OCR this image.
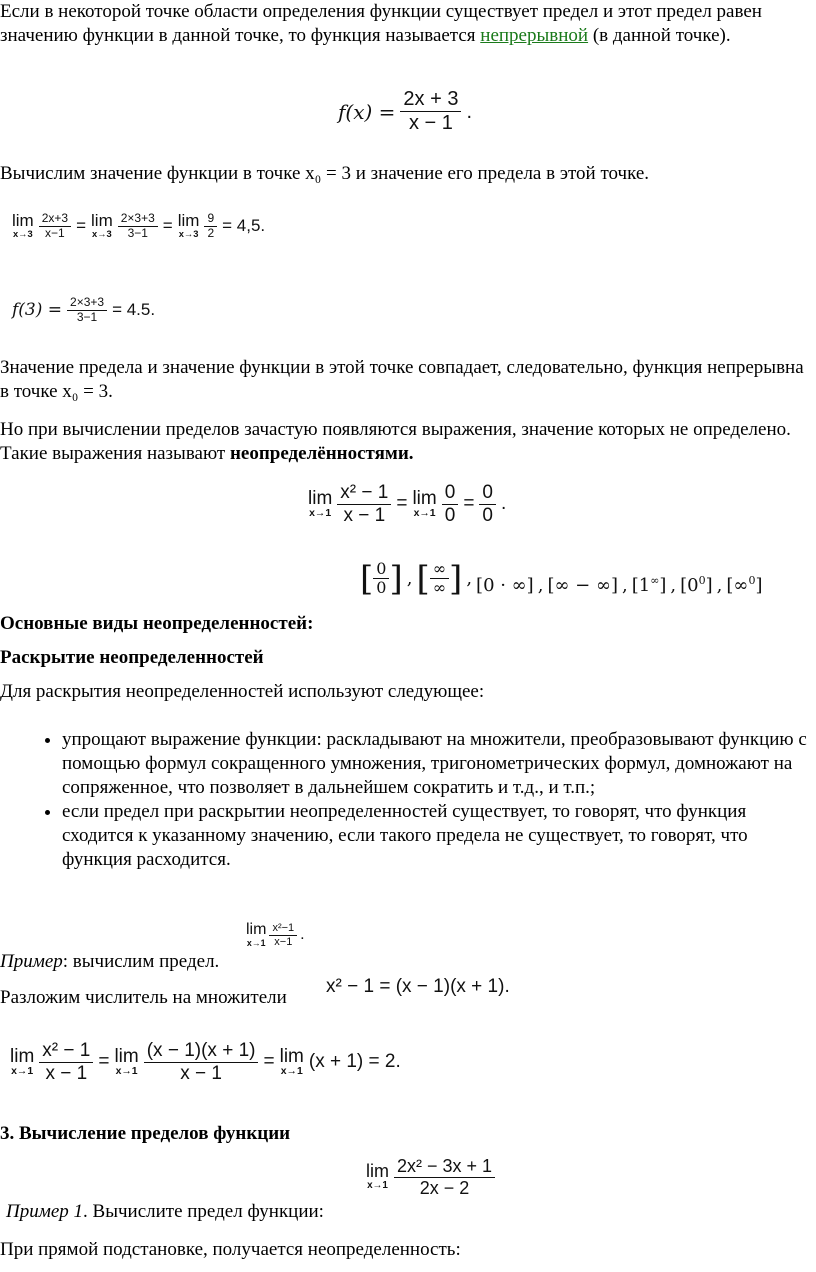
Если в некоторой точке области определения функции существует предел и этот предел равен значению функции в данной точке, то функция называется непрерывной (в данной точке).

$f(x) = \frac{2x + 3}{x - 1}$ .

Вычислим значение функции в точке x₀ = 3 и значение его предела в этой точке.

lim
$x\to 3 \frac{2x+3}{x-1} = \lim$
$x\to 3 \frac{2\times 3+3}{3-1} = \lim$
$x\to 3 \frac{9}{2} = 4,5$.
$f(3) = \frac{2\times 3+3}{3-1} = 4.5$.

Значение предела и значение функции в этой точке совпадает, следовательно, функция непрерывна в точке x₀ = 3.

Но при вычислении пределов зачастую появляются выражения, значение которых не определено. Такие выражения называют неопределённостями.

lim
$x\to 1 \frac{\text{x² − 1}}{x - 1} = \lim$
$x\to 1 \frac{0}{0} = \frac{0}{0}$ .

Основные виды неопределенностей:

[ $\frac{0}{0}$ ] , [ $\frac{\infty}{\infty}$ ] , [0 · ∞] , [∞ − ∞] , [1∞] , $[0^0]$ , [∞$^0$]

Раскрытие неопределенностей

Для раскрытия неопределенностей используют следующее:

• упрощают выражение функции: раскладывают на множители, преобразовывают функцию с помощью формул сокращенного умножения, тригонометрических формул, домножают на сопряженное, что позволяет в дальнейшем сократить и т.д., и т.п.;
• если предел при раскрытии неопределенностей существует, то говорят, что функция сходится к указанному значению, если такого предела не существует, то говорят, что функция расходится.

Пример: вычислим предел.

lim
$x\to 1 \frac{\text{x²−1}}{x-1}$ .

Разложим числитель на множители

x² − 1 = (x − 1)(x + 1).
lim
$x\to 1 \frac{\text{x² − 1}}{x - 1} = \lim$
$x\to 1 \frac{(x - 1)(x + 1)}{x - 1} = \lim$
x→1 (x + 1) = 2.

3. Вычисление пределов функции

Пример 1. Вычислите предел функции:

lim
$x\to 1 \frac{\text{2x² − 3x + 1}}{2x - 2}$

При прямой подстановке, получается неопределенность:
